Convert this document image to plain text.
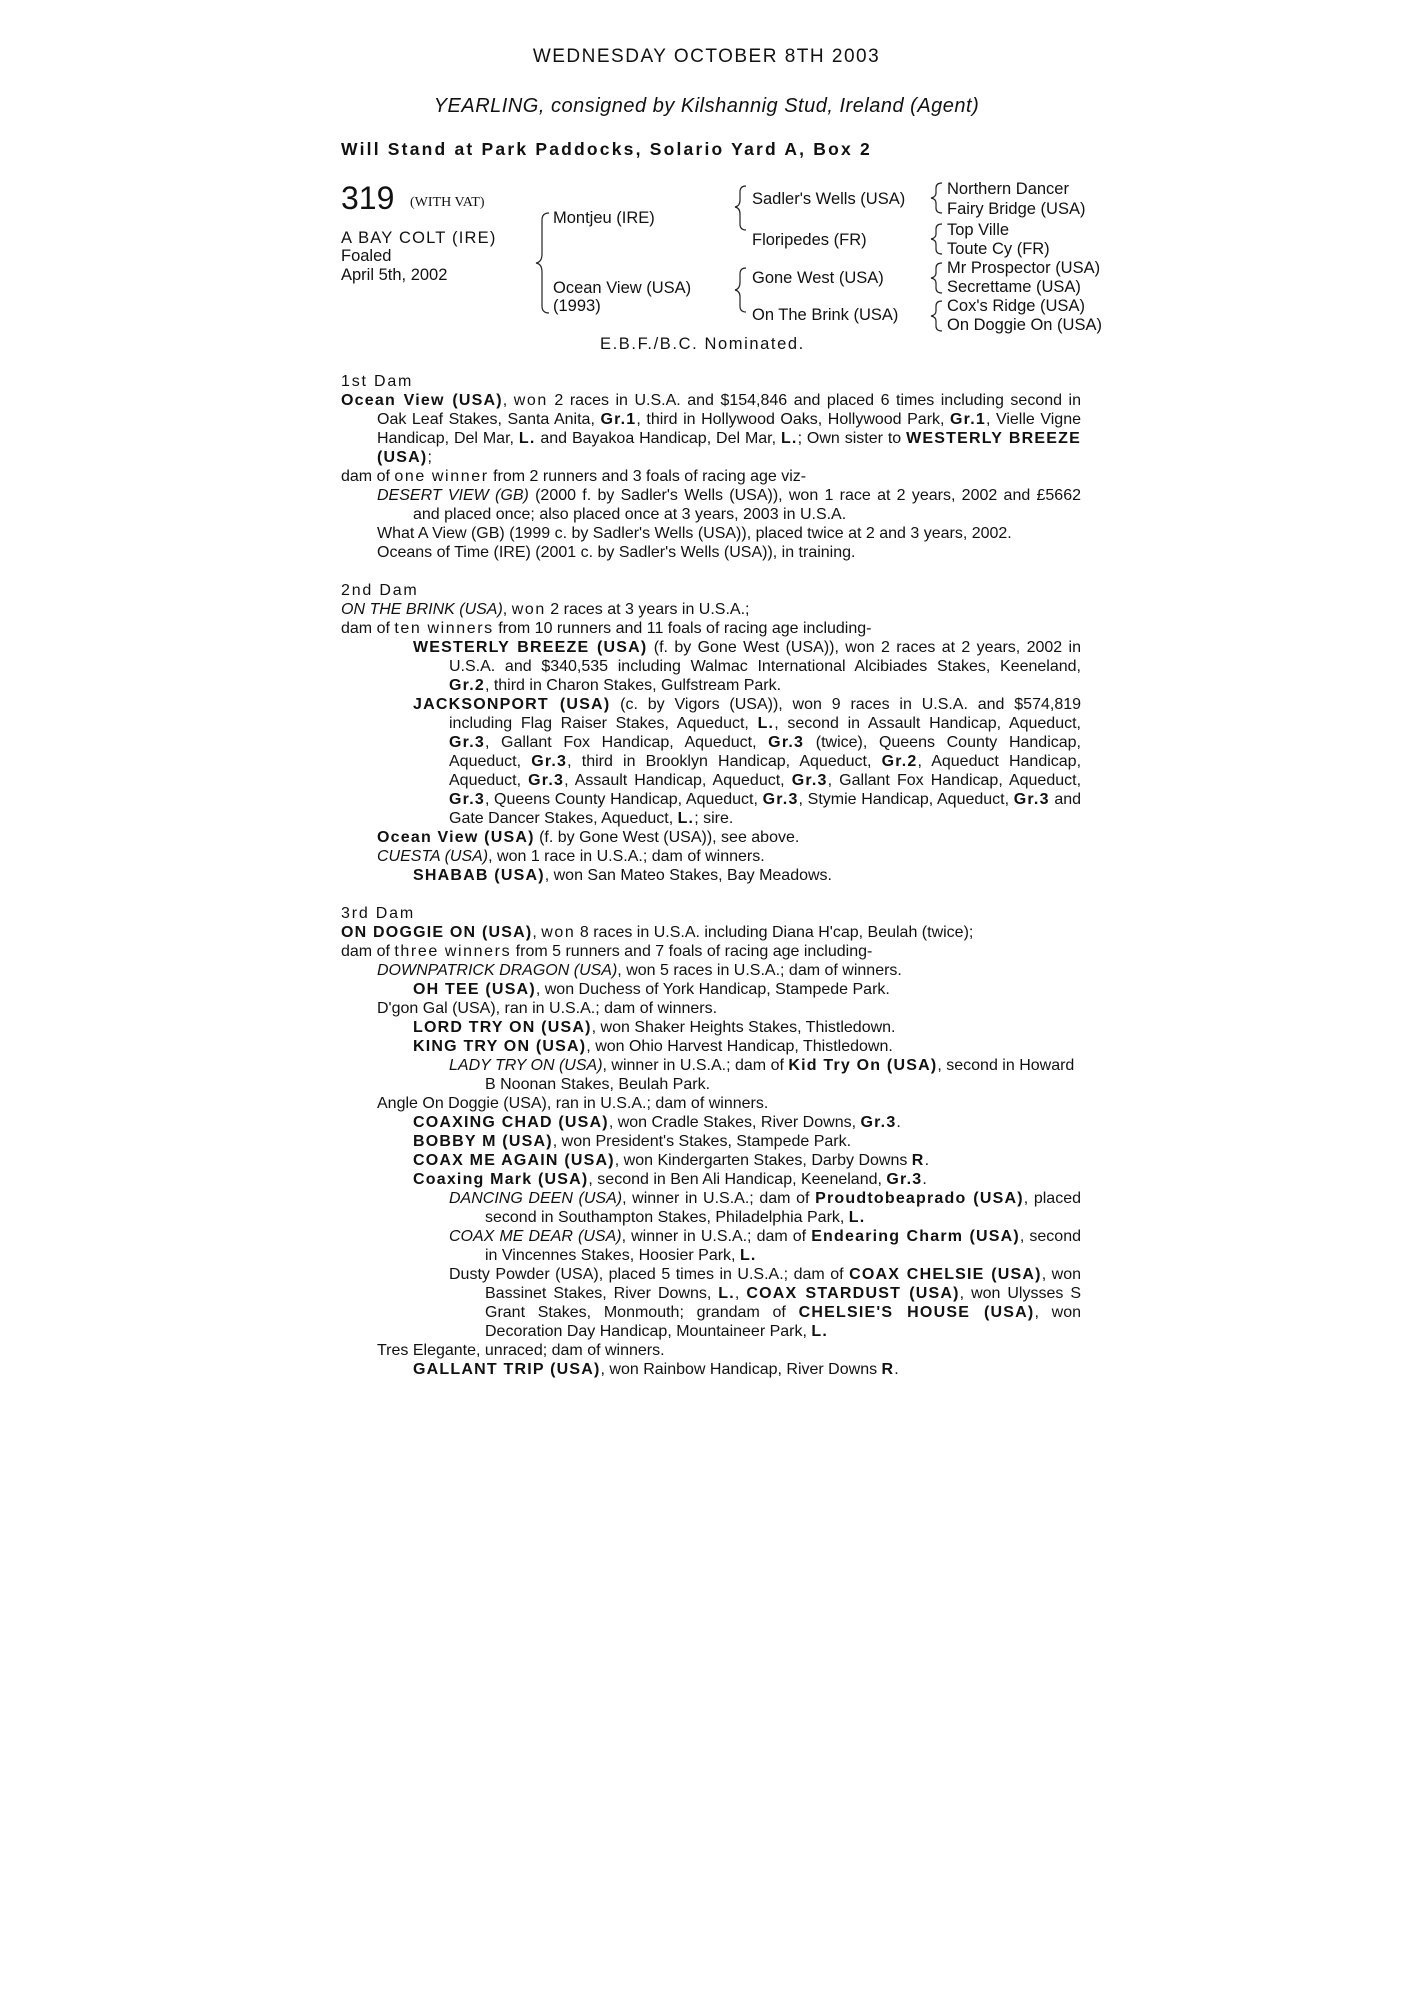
WEDNESDAY OCTOBER 8TH 2003
YEARLING, consigned by Kilshannig Stud, Ireland (Agent)
Will Stand at Park Paddocks, Solario Yard A, Box 2
319 (WITH VAT)
A BAY COLT (IRE)
Foaled
April 5th, 2002
Montjeu (IRE)
Ocean View (USA)
(1993)
Sadler's Wells (USA)
Floripedes (FR)
Gone West (USA)
On The Brink (USA)
Northern Dancer
Fairy Bridge (USA)
Top Ville
Toute Cy (FR)
Mr Prospector (USA)
Secrettame (USA)
Cox's Ridge (USA)
On Doggie On (USA)
E.B.F./B.C. Nominated.

1st Dam

Ocean View (USA), won 2 races in U.S.A. and $154,846 and placed 6 times including second in Oak Leaf Stakes, Santa Anita, Gr.1, third in Hollywood Oaks, Hollywood Park, Gr.1, Vielle Vigne Handicap, Del Mar, L. and Bayakoa Handicap, Del Mar, L.; Own sister to WESTERLY BREEZE (USA);

dam of one winner from 2 runners and 3 foals of racing age viz-

DESERT VIEW (GB) (2000 f. by Sadler's Wells (USA)), won 1 race at 2 years, 2002 and £5662 and placed once; also placed once at 3 years, 2003 in U.S.A.

What A View (GB) (1999 c. by Sadler's Wells (USA)), placed twice at 2 and 3 years, 2002.

Oceans of Time (IRE) (2001 c. by Sadler's Wells (USA)), in training.

2nd Dam

ON THE BRINK (USA), won 2 races at 3 years in U.S.A.;

dam of ten winners from 10 runners and 11 foals of racing age including-

WESTERLY BREEZE (USA) (f. by Gone West (USA)), won 2 races at 2 years, 2002 in U.S.A. and $340,535 including Walmac International Alcibiades Stakes, Keeneland, Gr.2, third in Charon Stakes, Gulfstream Park.

JACKSONPORT (USA) (c. by Vigors (USA)), won 9 races in U.S.A. and $574,819 including Flag Raiser Stakes, Aqueduct, L., second in Assault Handicap, Aqueduct, Gr.3, Gallant Fox Handicap, Aqueduct, Gr.3 (twice), Queens County Handicap, Aqueduct, Gr.3, third in Brooklyn Handicap, Aqueduct, Gr.2, Aqueduct Handicap, Aqueduct, Gr.3, Assault Handicap, Aqueduct, Gr.3, Gallant Fox Handicap, Aqueduct, Gr.3, Queens County Handicap, Aqueduct, Gr.3, Stymie Handicap, Aqueduct, Gr.3 and Gate Dancer Stakes, Aqueduct, L.; sire.

Ocean View (USA) (f. by Gone West (USA)), see above.

CUESTA (USA), won 1 race in U.S.A.; dam of winners.

SHABAB (USA), won San Mateo Stakes, Bay Meadows.

3rd Dam

ON DOGGIE ON (USA), won 8 races in U.S.A. including Diana H'cap, Beulah (twice);

dam of three winners from 5 runners and 7 foals of racing age including-

DOWNPATRICK DRAGON (USA), won 5 races in U.S.A.; dam of winners.

OH TEE (USA), won Duchess of York Handicap, Stampede Park.

D'gon Gal (USA), ran in U.S.A.; dam of winners.

LORD TRY ON (USA), won Shaker Heights Stakes, Thistledown.

KING TRY ON (USA), won Ohio Harvest Handicap, Thistledown.

LADY TRY ON (USA), winner in U.S.A.; dam of Kid Try On (USA), second in Howard B Noonan Stakes, Beulah Park.

Angle On Doggie (USA), ran in U.S.A.; dam of winners.

COAXING CHAD (USA), won Cradle Stakes, River Downs, Gr.3.

BOBBY M (USA), won President's Stakes, Stampede Park.

COAX ME AGAIN (USA), won Kindergarten Stakes, Darby Downs R.

Coaxing Mark (USA), second in Ben Ali Handicap, Keeneland, Gr.3.

DANCING DEEN (USA), winner in U.S.A.; dam of Proudtobeaprado (USA), placed second in Southampton Stakes, Philadelphia Park, L.

COAX ME DEAR (USA), winner in U.S.A.; dam of Endearing Charm (USA), second in Vincennes Stakes, Hoosier Park, L.

Dusty Powder (USA), placed 5 times in U.S.A.; dam of COAX CHELSIE (USA), won Bassinet Stakes, River Downs, L., COAX STARDUST (USA), won Ulysses S Grant Stakes, Monmouth; grandam of CHELSIE'S HOUSE (USA), won Decoration Day Handicap, Mountaineer Park, L.

Tres Elegante, unraced; dam of winners.

GALLANT TRIP (USA), won Rainbow Handicap, River Downs R.
